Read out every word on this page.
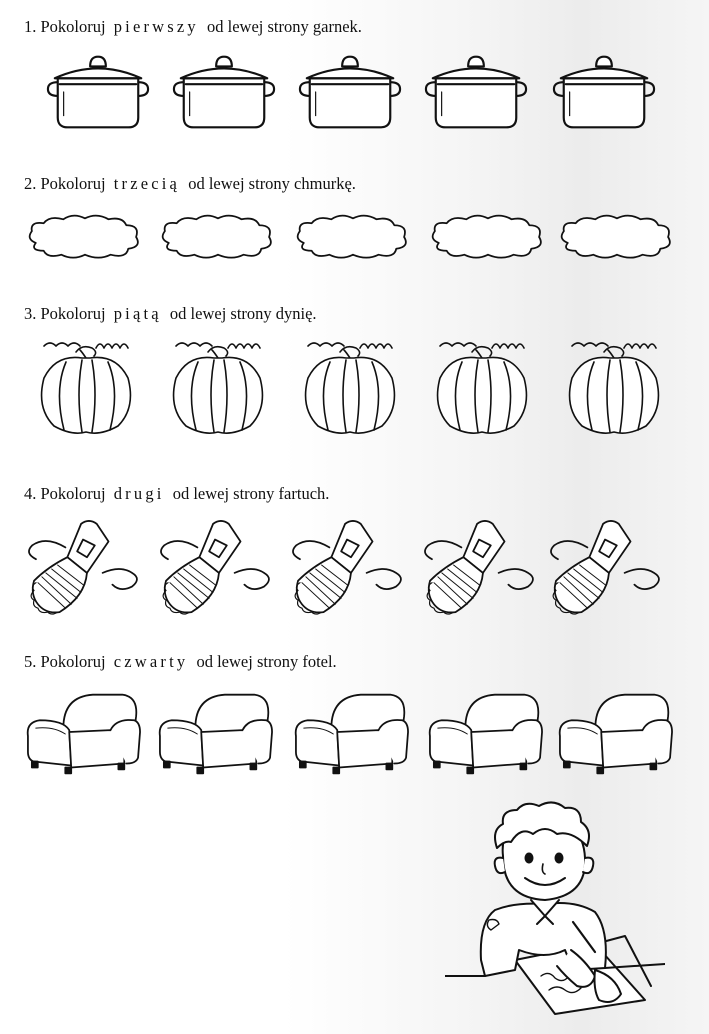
1. Pokoloruj pierwszy od lewej strony garnek.
2. Pokoloruj trzecią od lewej strony chmurkę.
3. Pokoloruj piątą od lewej strony dynię.
4. Pokoloruj drugi od lewej strony fartuch.
5. Pokoloruj czwarty od lewej strony fotel.
